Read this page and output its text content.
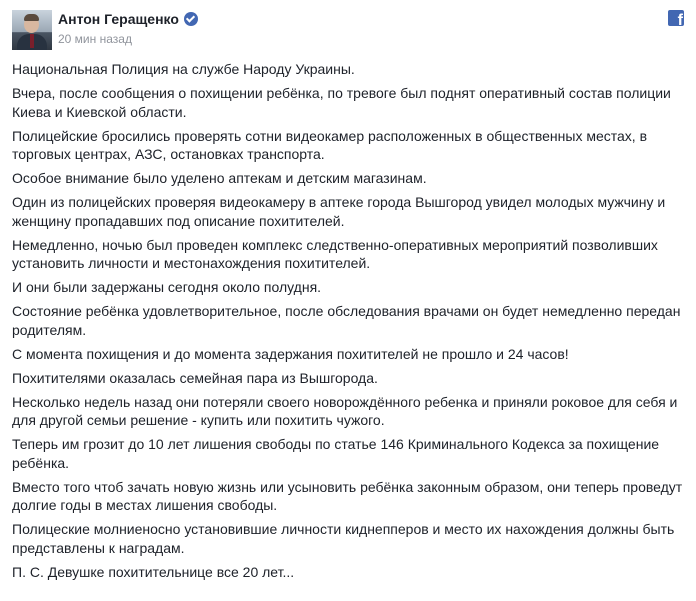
Антон Геращенко
20 мин назад
f

Национальная Полиция на службе Народу Украины.

Вчера, после сообщения о похищении ребёнка, по тревоге был поднят оперативный состав полиции Киева и Киевской области.

Полицейские бросились проверять сотни видеокамер расположенных в общественных местах, в торговых центрах, АЗС, остановках транспорта.

Особое внимание было уделено аптекам и детским магазинам.

Один из полицейских проверяя видеокамеру в аптеке города Вышгород увидел молодых мужчину и женщину пропадавших под описание похитителей.

Немедленно, ночью был проведен комплекс следственно-оперативных мероприятий позволивших установить личности и местонахождения похитителей.

И они были задержаны сегодня около полудня.

Состояние ребёнка удовлетворительное, после обследования врачами он будет немедленно передан родителям.

С момента похищения и до момента задержания похитителей не прошло и 24 часов!

Похитителями оказалась семейная пара из Вышгорода.

Несколько недель назад они потеряли своего новорождённого ребенка и приняли роковое для себя и для другой семьи решение - купить или похитить чужого.

Теперь им грозит до 10 лет лишения свободы по статье 146 Криминального Кодекса за похищение ребёнка.

Вместо того чтоб зачать новую жизнь или усыновить ребёнка законным образом, они теперь проведут долгие годы в местах лишения свободы.

Полицеские молниеносно установившие личности киднепперов и место их нахождения должны быть представлены к наградам.

П. С. Девушке похитительнице все 20 лет...
